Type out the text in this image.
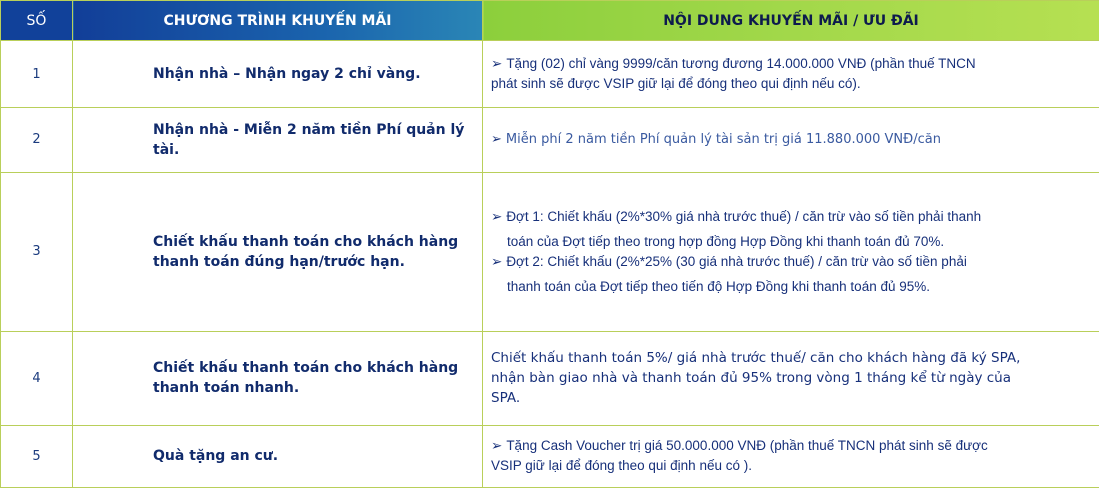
SỐ	CHƯƠNG TRÌNH KHUYẾN MÃI	NỘI DUNG KHUYẾN MÃI / ƯU ĐÃI
1	Nhận nhà – Nhận ngay 2 chỉ vàng.	➢ Tặng (02) chỉ vàng 9999/căn tương đương 14.000.000 VNĐ (phần thuế TNCN
phát sinh sẽ được VSIP giữ lại để đóng theo qui định nếu có).

2	Nhận nhà - Miễn 2 năm tiền Phí quản lý tài.	➢ Miễn phí 2 năm tiền Phí quản lý tài sản trị giá 11.880.000 VNĐ/căn

3	Chiết khấu thanh toán cho khách hàng
thanh toán đúng hạn/trước hạn.	➢ Đợt 1: Chiết khấu (2%*30% giá nhà trước thuế) / căn trừ vào số tiền phải thanh
toán của Đợt tiếp theo trong hợp đồng Hợp Đồng khi thanh toán đủ 70%.
➢ Đợt 2: Chiết khấu (2%*25% (30 giá nhà trước thuế) / căn trừ vào số tiền phải
thanh toán của Đợt tiếp theo tiến độ Hợp Đồng khi thanh toán đủ 95%.

4	Chiết khấu thanh toán cho khách hàng
thanh toán nhanh.	Chiết khấu thanh toán 5%/ giá nhà trước thuế/ căn cho khách hàng đã ký SPA,
nhận bàn giao nhà và thanh toán đủ 95% trong vòng 1 tháng kể từ ngày của
SPA.

5	Quà tặng an cư.	➢ Tặng Cash Voucher trị giá 50.000.000 VNĐ (phần thuế TNCN phát sinh sẽ được
VSIP giữ lại để đóng theo qui định nếu có ).
